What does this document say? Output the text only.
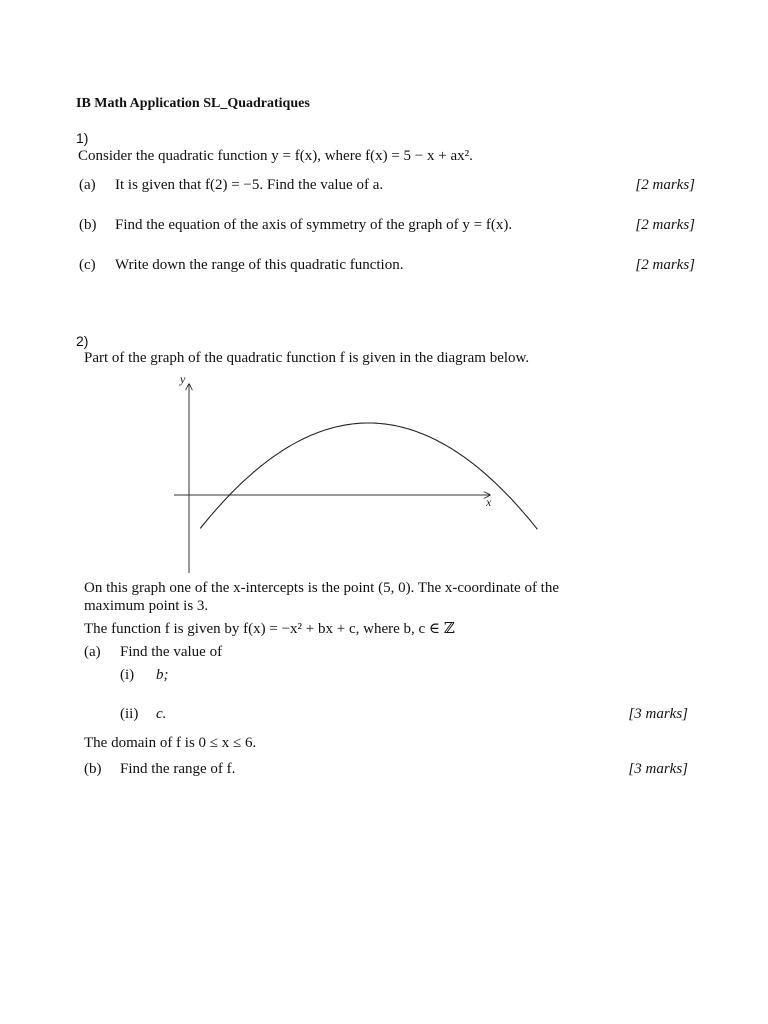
IB Math Application SL_Quadratiques
1)
Consider the quadratic function y = f(x), where f(x) = 5 − x + ax².
(a) It is given that f(2) = −5. Find the value of a.	[2 marks]
(b) Find the equation of the axis of symmetry of the graph of y = f(x).	[2 marks]
(c) Write down the range of this quadratic function.	[2 marks]
2)
Part of the graph of the quadratic function f is given in the diagram below.
y
x
On this graph one of the x-intercepts is the point (5, 0). The x-coordinate of the
maximum point is 3.
The function f is given by f(x) = −x² + bx + c, where b, c ∈ ℤ
(a) Find the value of
(i) b;
(ii) c.	[3 marks]
The domain of f is 0 ≤ x ≤ 6.
(b) Find the range of f.	[3 marks]
